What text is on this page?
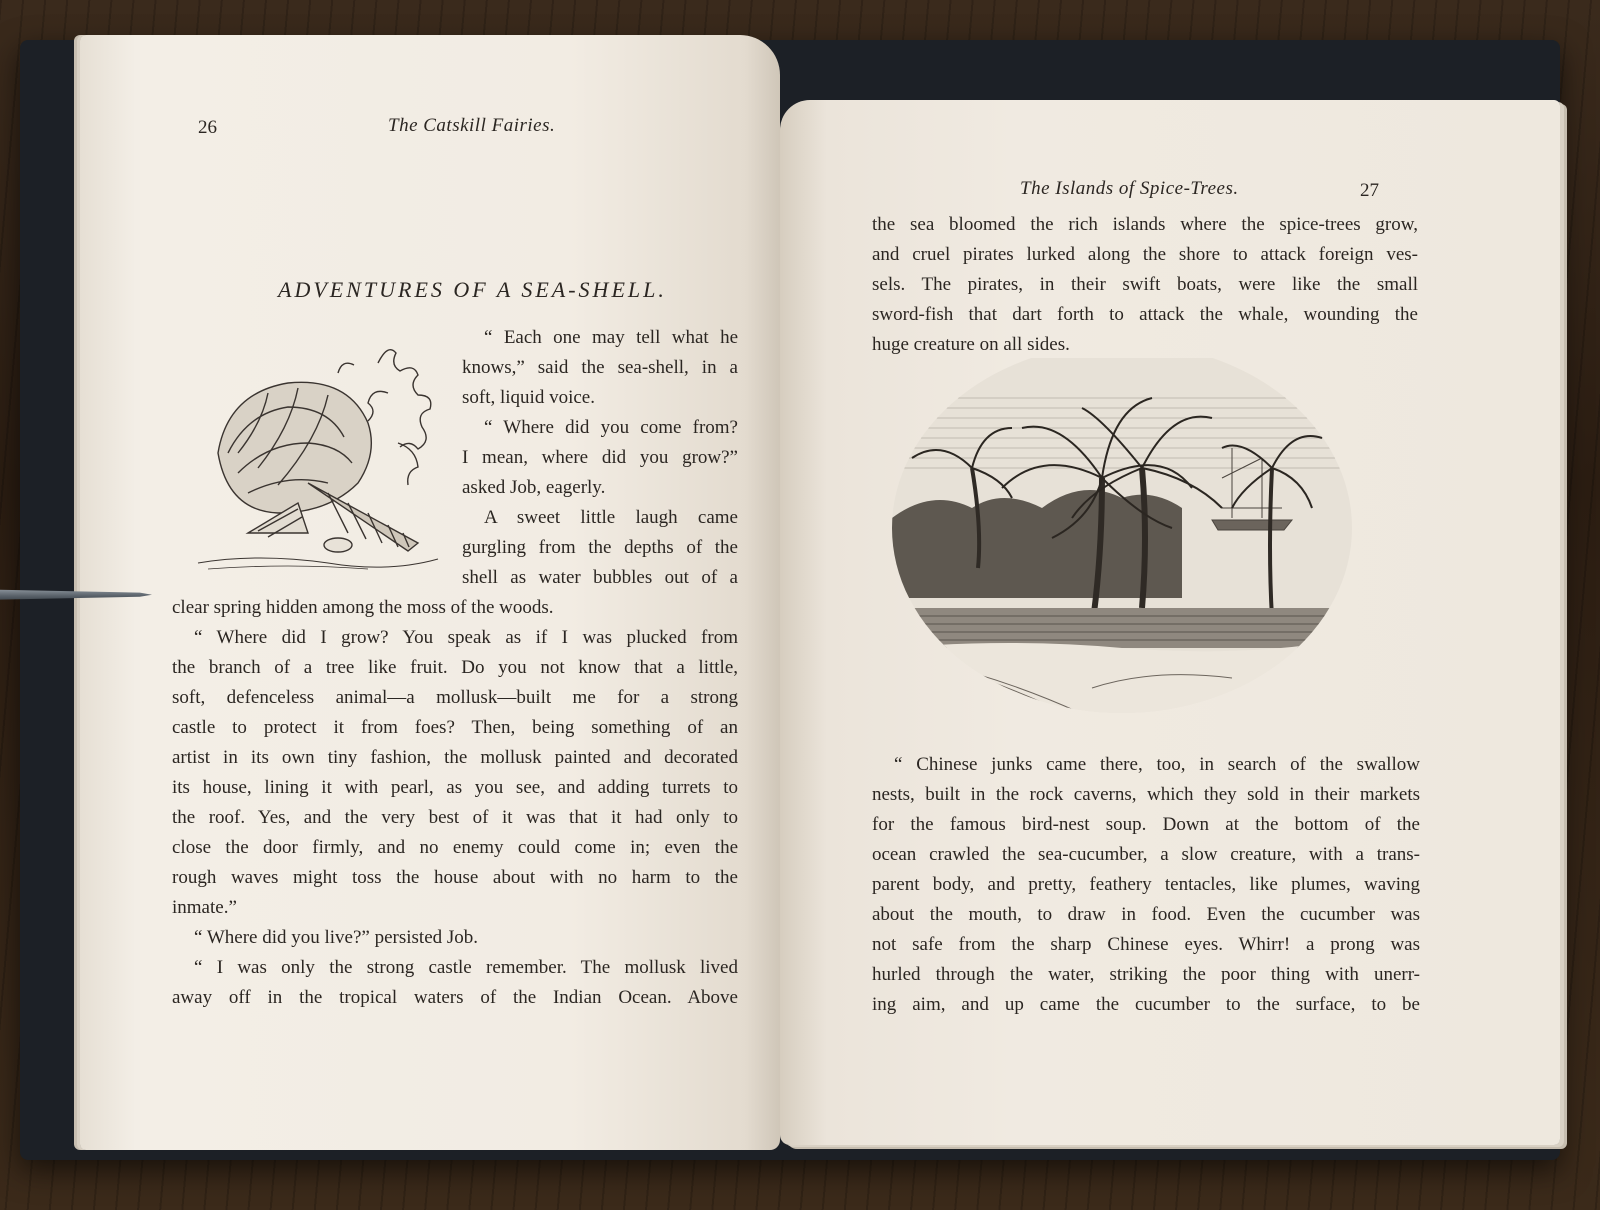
26	The Catskill Fairies.
ADVENTURES OF A SEA-SHELL.
“ Each one may tell what he
knows,” said the sea-shell, in a
soft, liquid voice.
“ Where did you come from?
I mean, where did you grow?”
asked Job, eagerly.
A sweet little laugh came
gurgling from the depths of the
shell as water bubbles out of a
clear spring hidden among the moss of the woods.
“ Where did I grow? You speak as if I was plucked from
the branch of a tree like fruit. Do you not know that a little,
soft, defenceless animal—a mollusk—built me for a strong
castle to protect it from foes? Then, being something of an
artist in its own tiny fashion, the mollusk painted and decorated
its house, lining it with pearl, as you see, and adding turrets to
the roof. Yes, and the very best of it was that it had only to
close the door firmly, and no enemy could come in; even the
rough waves might toss the house about with no harm to the
inmate.”
“ Where did you live?” persisted Job.
“ I was only the strong castle remember. The mollusk lived
away off in the tropical waters of the Indian Ocean. Above
The Islands of Spice-Trees.	27
the sea bloomed the rich islands where the spice-trees grow,
and cruel pirates lurked along the shore to attack foreign ves-
sels. The pirates, in their swift boats, were like the small
sword-fish that dart forth to attack the whale, wounding the
huge creature on all sides.
“ Chinese junks came there, too, in search of the swallow
nests, built in the rock caverns, which they sold in their markets
for the famous bird-nest soup. Down at the bottom of the
ocean crawled the sea-cucumber, a slow creature, with a trans-
parent body, and pretty, feathery tentacles, like plumes, waving
about the mouth, to draw in food. Even the cucumber was
not safe from the sharp Chinese eyes. Whirr! a prong was
hurled through the water, striking the poor thing with unerr-
ing aim, and up came the cucumber to the surface, to be
